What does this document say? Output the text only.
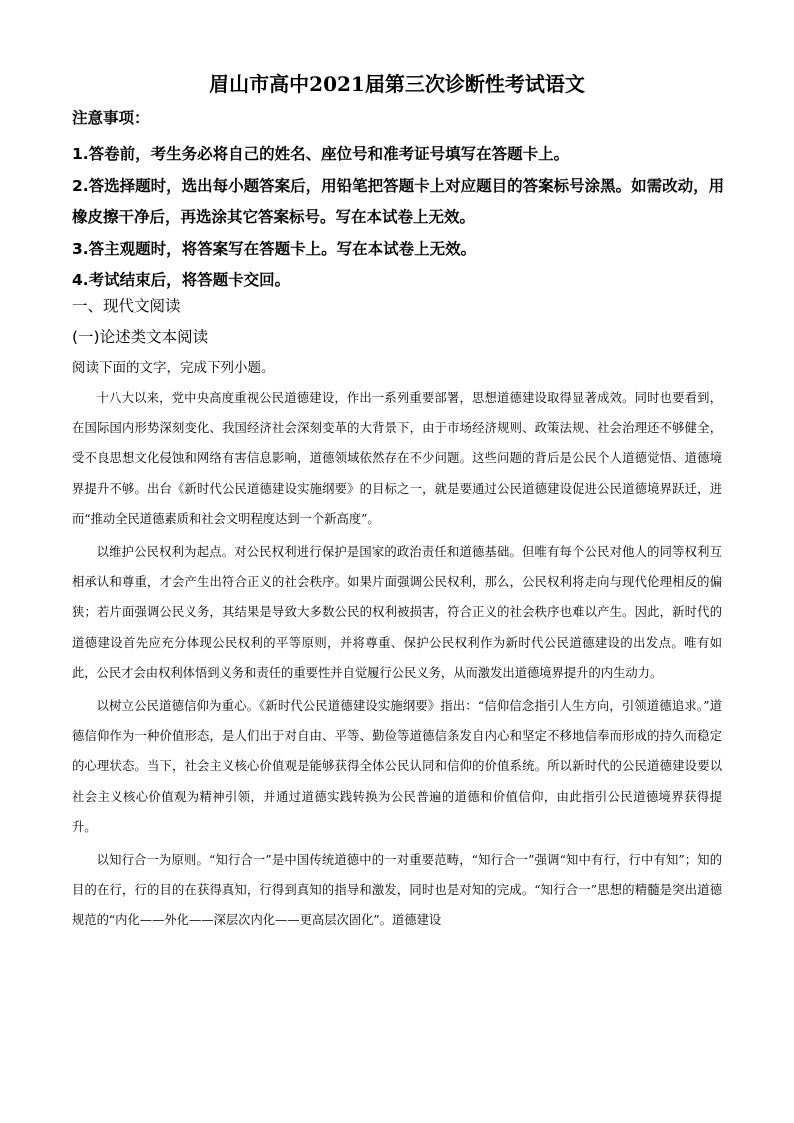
眉山市高中2021届第三次诊断性考试语文
注意事项：
1.答卷前，考生务必将自己的姓名、座位号和准考证号填写在答题卡上。
2.答选择题时，选出每小题答案后，用铅笔把答题卡上对应题目的答案标号涂黑。如需改动，用橡皮擦干净后，再选涂其它答案标号。写在本试卷上无效。
3.答主观题时，将答案写在答题卡上。写在本试卷上无效。
4.考试结束后，将答题卡交回。
一、现代文阅读
(一)论述类文本阅读
阅读下面的文字，完成下列小题。

十八大以来，党中央高度重视公民道德建设，作出一系列重要部署，思想道德建设取得显著成效。同时也要看到，在国际国内形势深刻变化、我国经济社会深刻变革的大背景下，由于市场经济规则、政策法规、社会治理还不够健全，受不良思想文化侵蚀和网络有害信息影响，道德领域依然存在不少问题。这些问题的背后是公民个人道德觉悟、道德境界提升不够。出台《新时代公民道德建设实施纲要》的目标之一，就是要通过公民道德建设促进公民道德境界跃迁，进而“推动全民道德素质和社会文明程度达到一个新高度”。

以维护公民权利为起点。对公民权利进行保护是国家的政治责任和道德基础。但唯有每个公民对他人的同等权利互相承认和尊重，才会产生出符合正义的社会秩序。如果片面强调公民权利，那么，公民权利将走向与现代伦理相反的偏狭；若片面强调公民义务，其结果是导致大多数公民的权利被损害，符合正义的社会秩序也难以产生。因此，新时代的道德建设首先应充分体现公民权利的平等原则，并将尊重、保护公民权利作为新时代公民道德建设的出发点。唯有如此，公民才会由权利体悟到义务和责任的重要性并自觉履行公民义务，从而激发出道德境界提升的内生动力。

以树立公民道德信仰为重心。《新时代公民道德建设实施纲要》指出：“信仰信念指引人生方向，引领道德追求。”道德信仰作为一种价值形态，是人们出于对自由、平等、勤俭等道德信条发自内心和坚定不移地信奉而形成的持久而稳定的心理状态。当下，社会主义核心价值观是能够获得全体公民认同和信仰的价值系统。所以新时代的公民道德建设要以社会主义核心价值观为精神引领，并通过道德实践转换为公民普遍的道德和价值信仰，由此指引公民道德境界获得提升。

以知行合一为原则。“知行合一”是中国传统道德中的一对重要范畴，“知行合一”强调“知中有行，行中有知”；知的目的在行，行的目的在获得真知，行得到真知的指导和激发，同时也是对知的完成。“知行合一”思想的精髓是突出道德规范的“内化——外化——深层次内化——更高层次固化”。道德建设
